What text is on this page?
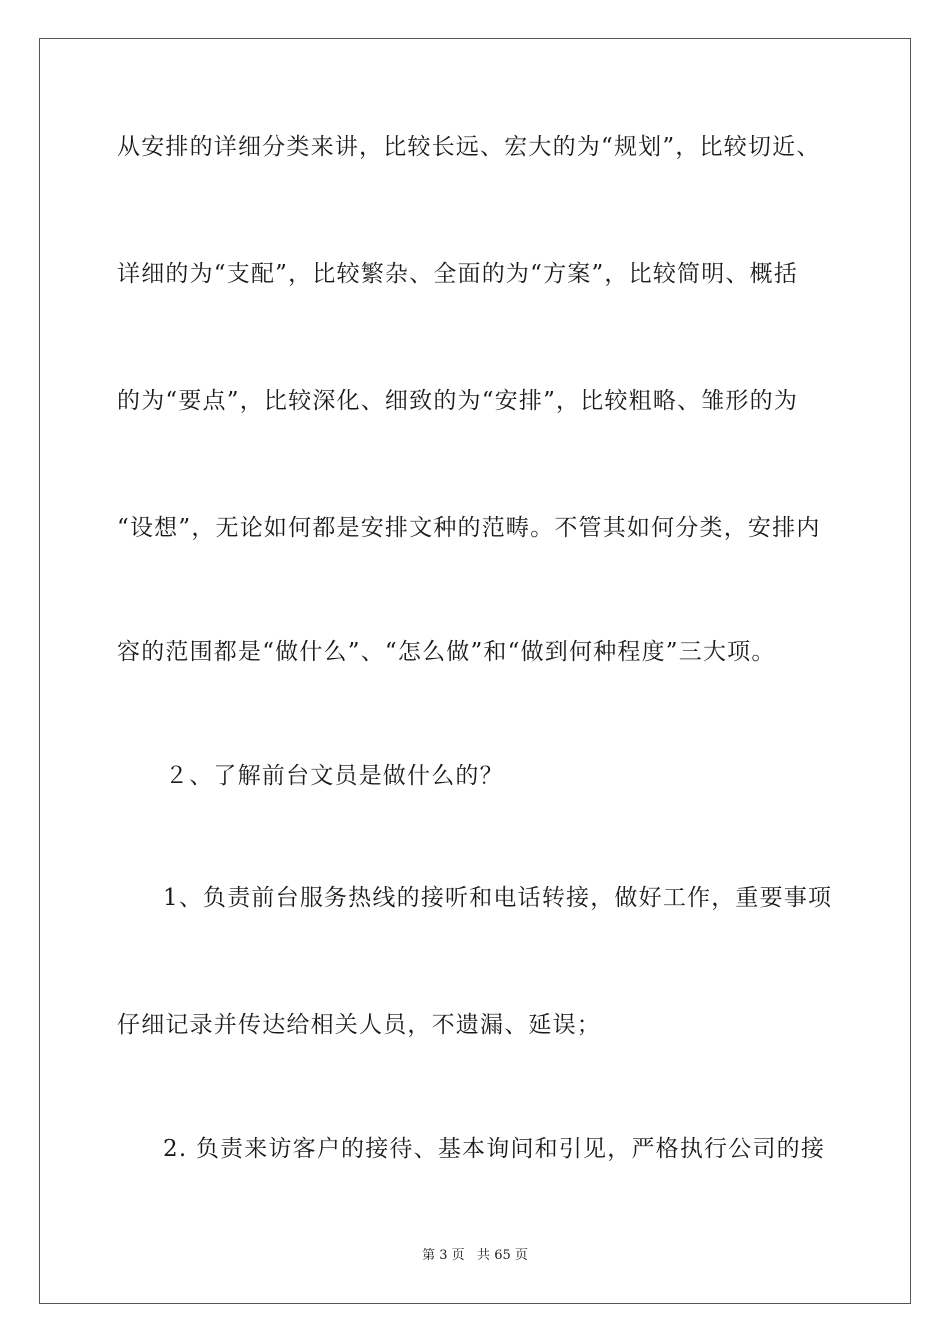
从安排的详细分类来讲，比较长远、宏大的为“规划”，比较切近、
详细的为“支配”，比较繁杂、全面的为“方案”，比较简明、概括
的为“要点”，比较深化、细致的为“安排”，比较粗略、雏形的为
“设想”，无论如何都是安排文种的范畴。不管其如何分类，安排内
容的范围都是“做什么”、“怎么做”和“做到何种程度”三大项。
２、了解前台文员是做什么的？
1、负责前台服务热线的接听和电话转接，做好工作，重要事项
仔细记录并传达给相关人员，不遗漏、延误；
2. 负责来访客户的接待、基本询问和引见，严格执行公司的接
第 3 页   共 65 页
